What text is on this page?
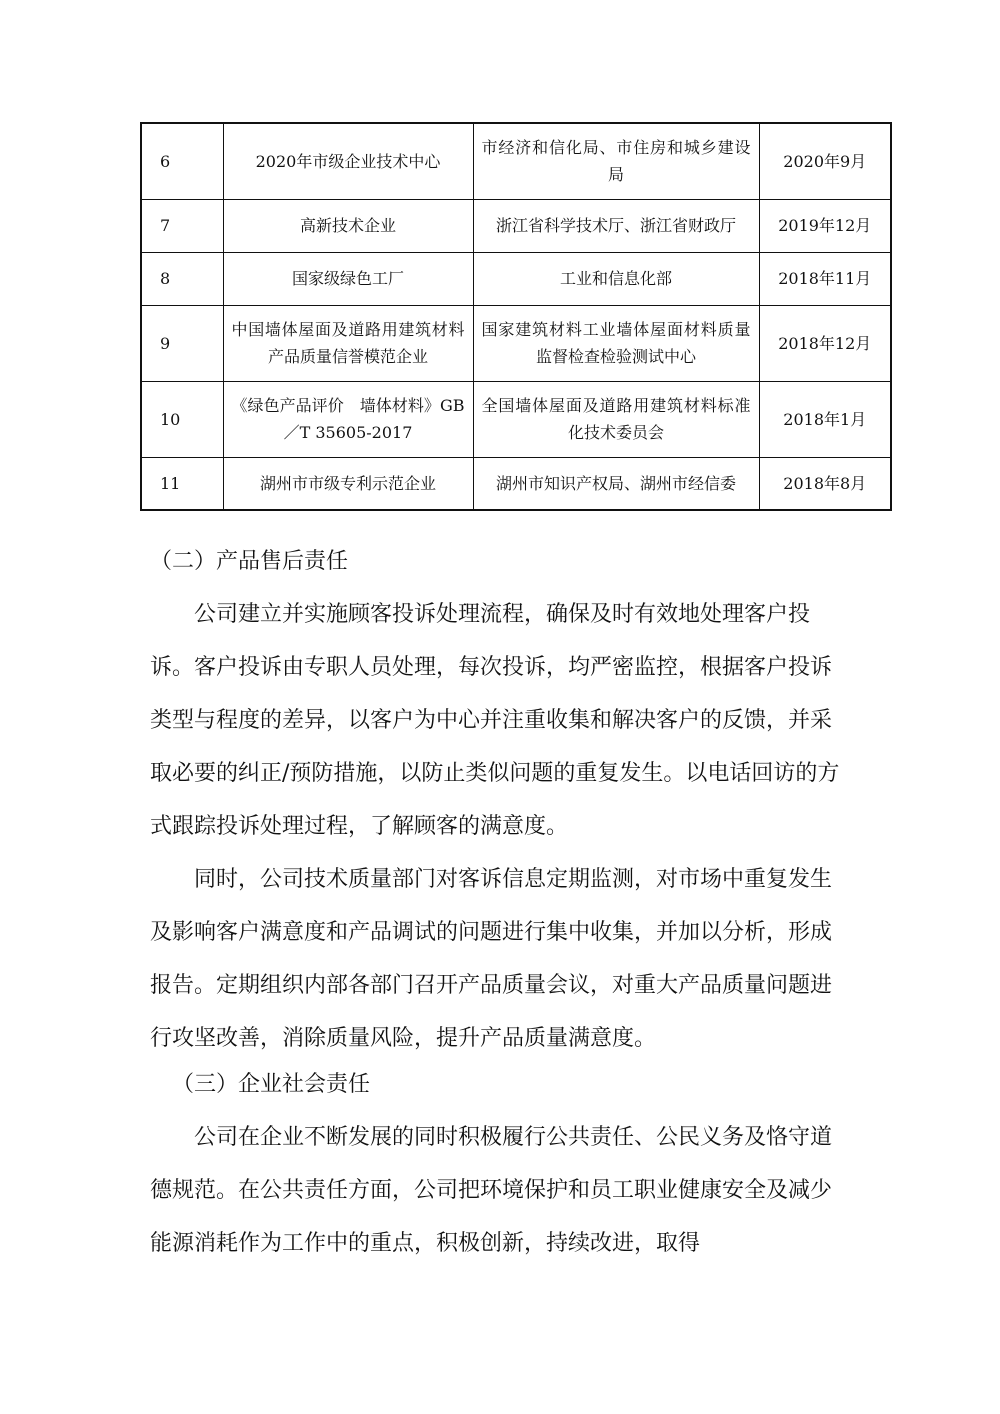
6	2020年市级企业技术中心	市经济和信化局、市住房和城乡建设局	2020年9月
7	高新技术企业	浙江省科学技术厅、浙江省财政厅	2019年12月
8	国家级绿色工厂	工业和信息化部	2018年11月
9	中国墙体屋面及道路用建筑材料产品质量信誉模范企业	国家建筑材料工业墙体屋面材料质量监督检查检验测试中心	2018年12月
10	《绿色产品评价　墙体材料》GB／T 35605-2017	全国墙体屋面及道路用建筑材料标准化技术委员会	2018年1月
11	湖州市市级专利示范企业	湖州市知识产权局、湖州市经信委	2018年8月
（二）产品售后责任

公司建立并实施顾客投诉处理流程，确保及时有效地处理客户投诉。客户投诉由专职人员处理，每次投诉，均严密监控，根据客户投诉类型与程度的差异，以客户为中心并注重收集和解决客户的反馈，并采取必要的纠正/预防措施，以防止类似问题的重复发生。以电话回访的方式跟踪投诉处理过程，了解顾客的满意度。

同时，公司技术质量部门对客诉信息定期监测，对市场中重复发生及影响客户满意度和产品调试的问题进行集中收集，并加以分析，形成报告。定期组织内部各部门召开产品质量会议，对重大产品质量问题进行攻坚改善，消除质量风险，提升产品质量满意度。

（三）企业社会责任

公司在企业不断发展的同时积极履行公共责任、公民义务及恪守道德规范。在公共责任方面，公司把环境保护和员工职业健康安全及减少能源消耗作为工作中的重点，积极创新，持续改进，取得
